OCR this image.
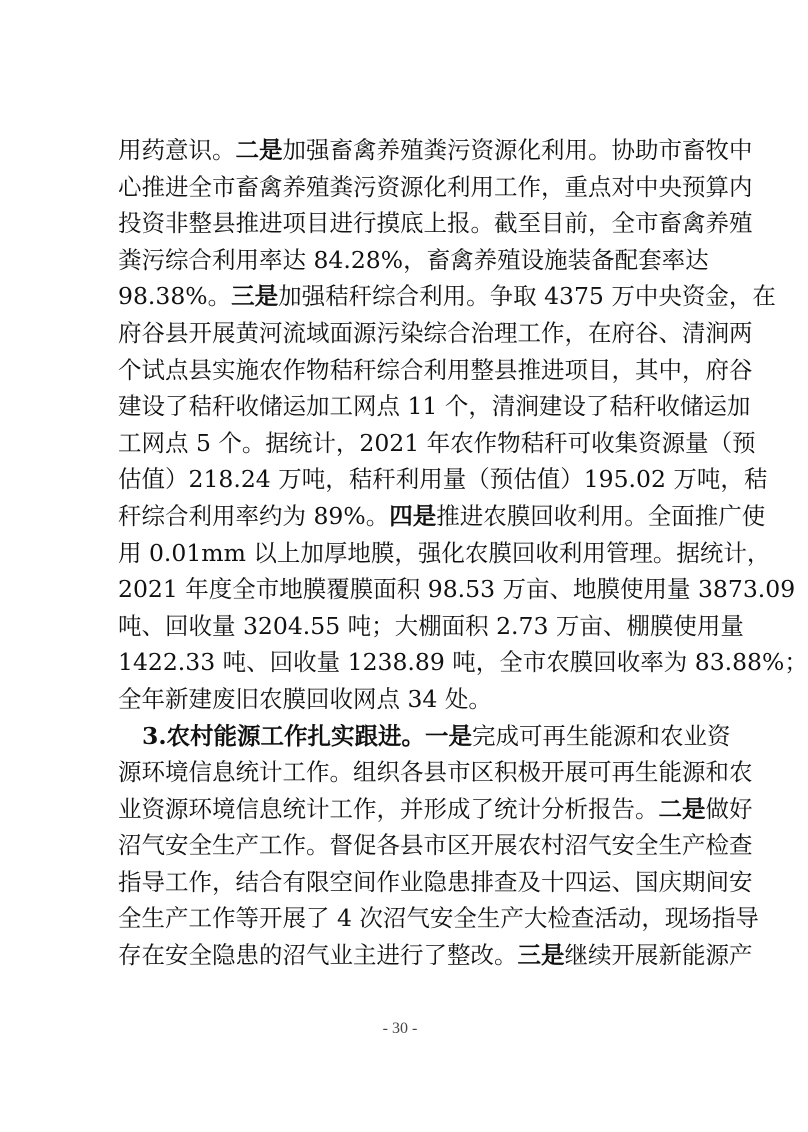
用药意识。二是加强畜禽养殖粪污资源化利用。协助市畜牧中
心推进全市畜禽养殖粪污资源化利用工作，重点对中央预算内
投资非整县推进项目进行摸底上报。截至目前，全市畜禽养殖
粪污综合利用率达 84.28%，畜禽养殖设施装备配套率达
98.38%。三是加强秸秆综合利用。争取 4375 万中央资金，在
府谷县开展黄河流域面源污染综合治理工作，在府谷、清涧两
个试点县实施农作物秸秆综合利用整县推进项目，其中，府谷
建设了秸秆收储运加工网点 11 个，清涧建设了秸秆收储运加
工网点 5 个。据统计，2021 年农作物秸秆可收集资源量（预
估值）218.24 万吨，秸秆利用量（预估值）195.02 万吨，秸
秆综合利用率约为 89%。四是推进农膜回收利用。全面推广使
用 0.01mm 以上加厚地膜，强化农膜回收利用管理。据统计，
2021 年度全市地膜覆膜面积 98.53 万亩、地膜使用量 3873.09
吨、回收量 3204.55 吨；大棚面积 2.73 万亩、棚膜使用量
1422.33 吨、回收量 1238.89 吨，全市农膜回收率为 83.88%；
全年新建废旧农膜回收网点 34 处。
3.农村能源工作扎实跟进。一是完成可再生能源和农业资
源环境信息统计工作。组织各县市区积极开展可再生能源和农
业资源环境信息统计工作，并形成了统计分析报告。二是做好
沼气安全生产工作。督促各县市区开展农村沼气安全生产检查
指导工作，结合有限空间作业隐患排查及十四运、国庆期间安
全生产工作等开展了 4 次沼气安全生产大检查活动，现场指导
存在安全隐患的沼气业主进行了整改。三是继续开展新能源产
- 30 -
